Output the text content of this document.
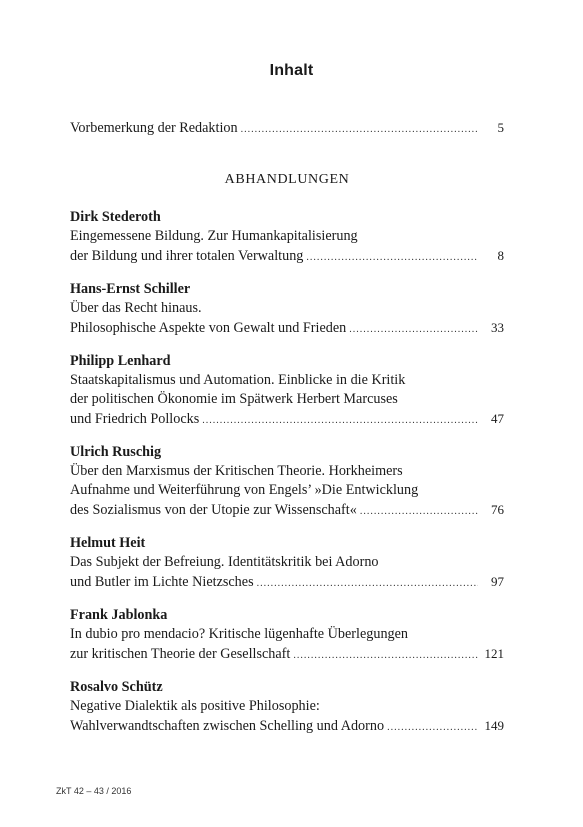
Inhalt
Vorbemerkung der Redaktion .....	5
ABHANDLUNGEN
Dirk Stederoth
Eingemessene Bildung. Zur Humankapitalisierung
der Bildung und ihrer totalen Verwaltung .....	8
Hans-Ernst Schiller
Über das Recht hinaus.
Philosophische Aspekte von Gewalt und Frieden .....	33
Philipp Lenhard
Staatskapitalismus und Automation. Einblicke in die Kritik
der politischen Ökonomie im Spätwerk Herbert Marcuses
und Friedrich Pollocks .....	47
Ulrich Ruschig
Über den Marxismus der Kritischen Theorie. Horkheimers
Aufnahme und Weiterführung von Engels’ »Die Entwicklung
des Sozialismus von der Utopie zur Wissenschaft« .....	76
Helmut Heit
Das Subjekt der Befreiung. Identitätskritik bei Adorno
und Butler im Lichte Nietzsches .....	97
Frank Jablonka
In dubio pro mendacio? Kritische lügenhafte Überlegungen
zur kritischen Theorie der Gesellschaft .....	121
Rosalvo Schütz
Negative Dialektik als positive Philosophie:
Wahlverwandtschaften zwischen Schelling und Adorno .....	149
ZkT 42 – 43 / 2016
